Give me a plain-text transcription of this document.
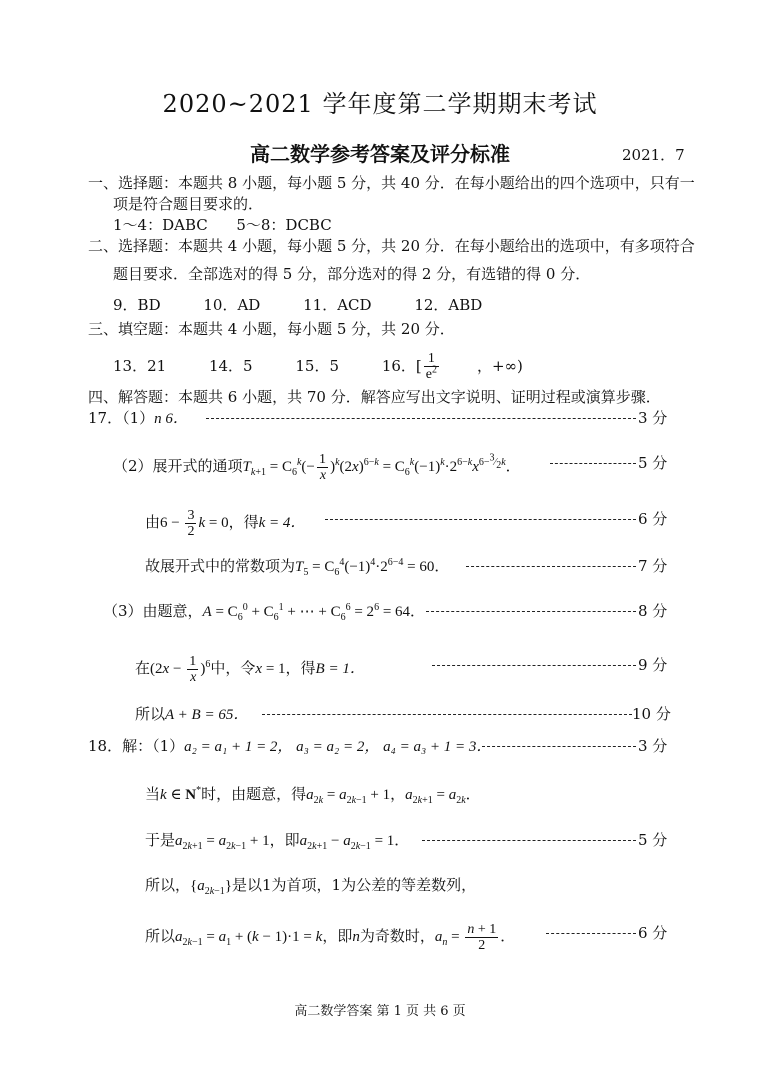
2020~2021 学年度第二学期期末考试
高二数学参考答案及评分标准	2021．7
一、选择题：本题共 8 小题，每小题 5 分，共 40 分．在每小题给出的四个选项中，只有一
项是符合题目要求的．
1～4：DABC      5～8：DCBC
二、选择题：本题共 4 小题，每小题 5 分，共 20 分．在每小题给出的选项中，有多项符合
题目要求．全部选对的得 5 分，部分选对的得 2 分，有选错的得 0 分．
9．BD	10．AD	11．ACD	12．ABD
三、填空题：本题共 4 小题，每小题 5 分，共 20 分．
13．21	14．5	15．5	16．[ $\frac{1}{e^2}$ ，+∞)
四、解答题：本题共 6 小题，共 70 分．解答应写出文字说明、证明过程或演算步骤．
17．（1）n 6．	3 分
（2）展开式的通项$T_{k+1} = C_6^k(- \frac{1}{x} )^k(2x)^{6-k} = C_6^k(-1)^k\cdot 2^{6-k}x^{6-^3⁄_2k}$．	5 分
由$6 - \frac{3}{2}$ k = 0，得k = 4．	6 分
故展开式中的常数项为$T_5 = C_6^4(-1)^4\cdot 2^{6-4} = 60$．	7 分
（3）由题意，$A = C_6^0 + C_6^1$ + ⋯ + $C_6^6 = 2^6 = 64$．	8 分
在$(2x - \frac{1}{x} )^6$中，令x = 1，得B = 1．	9 分
所以A + B = 65．	10 分
18．解：（1）a₂ = a₁ + 1 = 2， a₃ = a₂ = 2， a₄ = a₃ + 1 = 3．	3 分
当k ∈ N*时，由题意，得$a_{2k} = a_{2k-1} + 1$，$a_{2k+1} = a_{2k}$．
于是$a_{2k+1} = a_{2k-1} + 1$，即$a_{2k+1} - a_{2k-1} = 1$．	5 分
所以，$\{a_{2k-1}\}$是以1为首项，1为公差的等差数列，
所以$a_{2k-1} = a_1 + (k - 1)\cdot 1 = k$，即n为奇数时，$a_n = \frac{n + 1}{2}$ ．	6 分
高二数学答案 第 1 页 共 6 页
